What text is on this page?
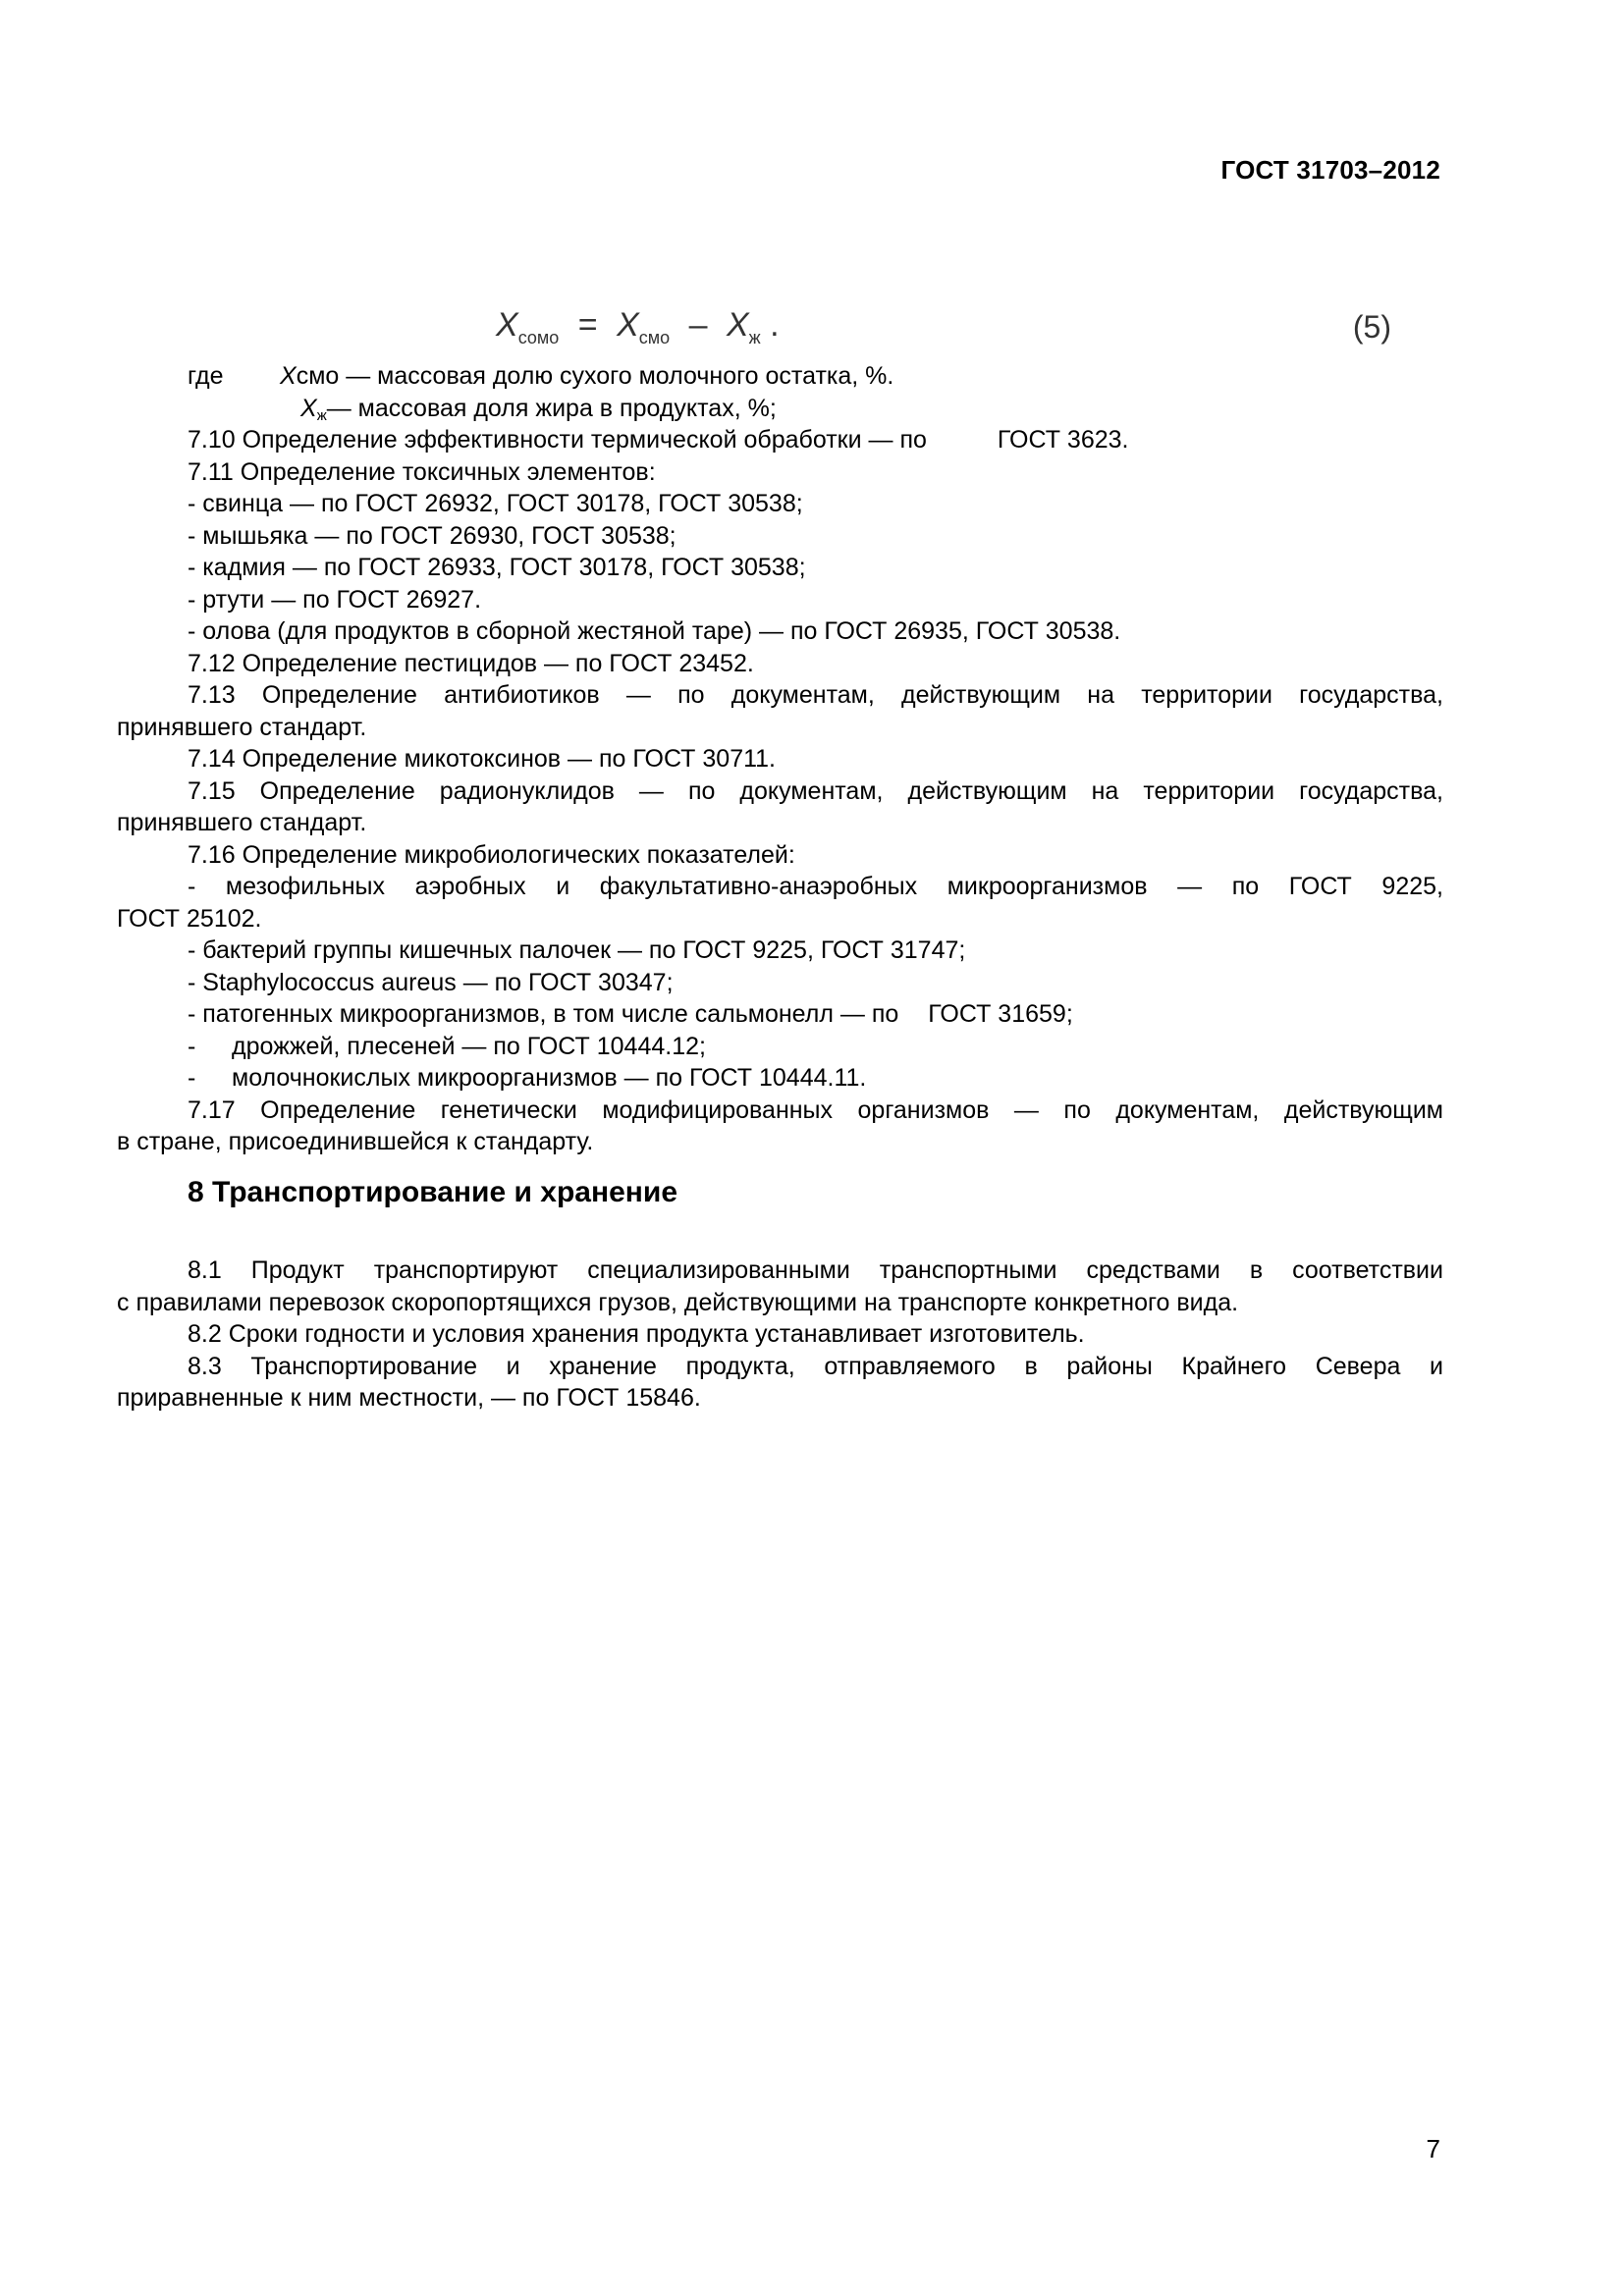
ГОСТ 31703–2012
$X_{сомо} = X_{смо} - X_ж$ .	(5)
где Xсмо — массовая долю сухого молочного остатка, %.
$X_ж—$ массовая доля жира в продуктах, %;
7.10 Определение эффективности термической обработки — по	ГОСТ 3623.
7.11 Определение токсичных элементов:
- свинца — по ГОСТ 26932, ГОСТ 30178, ГОСТ 30538;
- мышьяка — по ГОСТ 26930, ГОСТ 30538;
- кадмия — по ГОСТ 26933, ГОСТ 30178, ГОСТ 30538;
- ртути — по ГОСТ 26927.
- олова (для продуктов в сборной жестяной таре) — по ГОСТ 26935, ГОСТ 30538.
7.12 Определение пестицидов — по ГОСТ 23452.
7.13 Определение антибиотиков — по документам, действующим на территории государства,
принявшего стандарт.
7.14 Определение микотоксинов — по ГОСТ 30711.
7.15 Определение радионуклидов — по документам, действующим на территории государства,
принявшего стандарт.
7.16 Определение микробиологических показателей:
- мезофильных аэробных и факультативно-анаэробных микроорганизмов — по ГОСТ 9225,
ГОСТ 25102.
- бактерий группы кишечных палочек — по ГОСТ 9225, ГОСТ 31747;
- Staphylococcus aureus — по ГОСТ 30347;
- патогенных микроорганизмов, в том числе сальмонелл — по ГОСТ 31659;
- дрожжей, плесеней — по ГОСТ 10444.12;
- молочнокислых микроорганизмов — по ГОСТ 10444.11.
7.17 Определение генетически модифицированных организмов — по документам, действующим
в стране, присоединившейся к стандарту.
8 Транспортирование и хранение
8.1 Продукт транспортируют специализированными транспортными средствами в соответствии
с правилами перевозок скоропортящихся грузов, действующими на транспорте конкретного вида.
8.2 Сроки годности и условия хранения продукта устанавливает изготовитель.
8.3 Транспортирование и хранение продукта, отправляемого в районы Крайнего Севера и
приравненные к ним местности, — по ГОСТ 15846.
7
